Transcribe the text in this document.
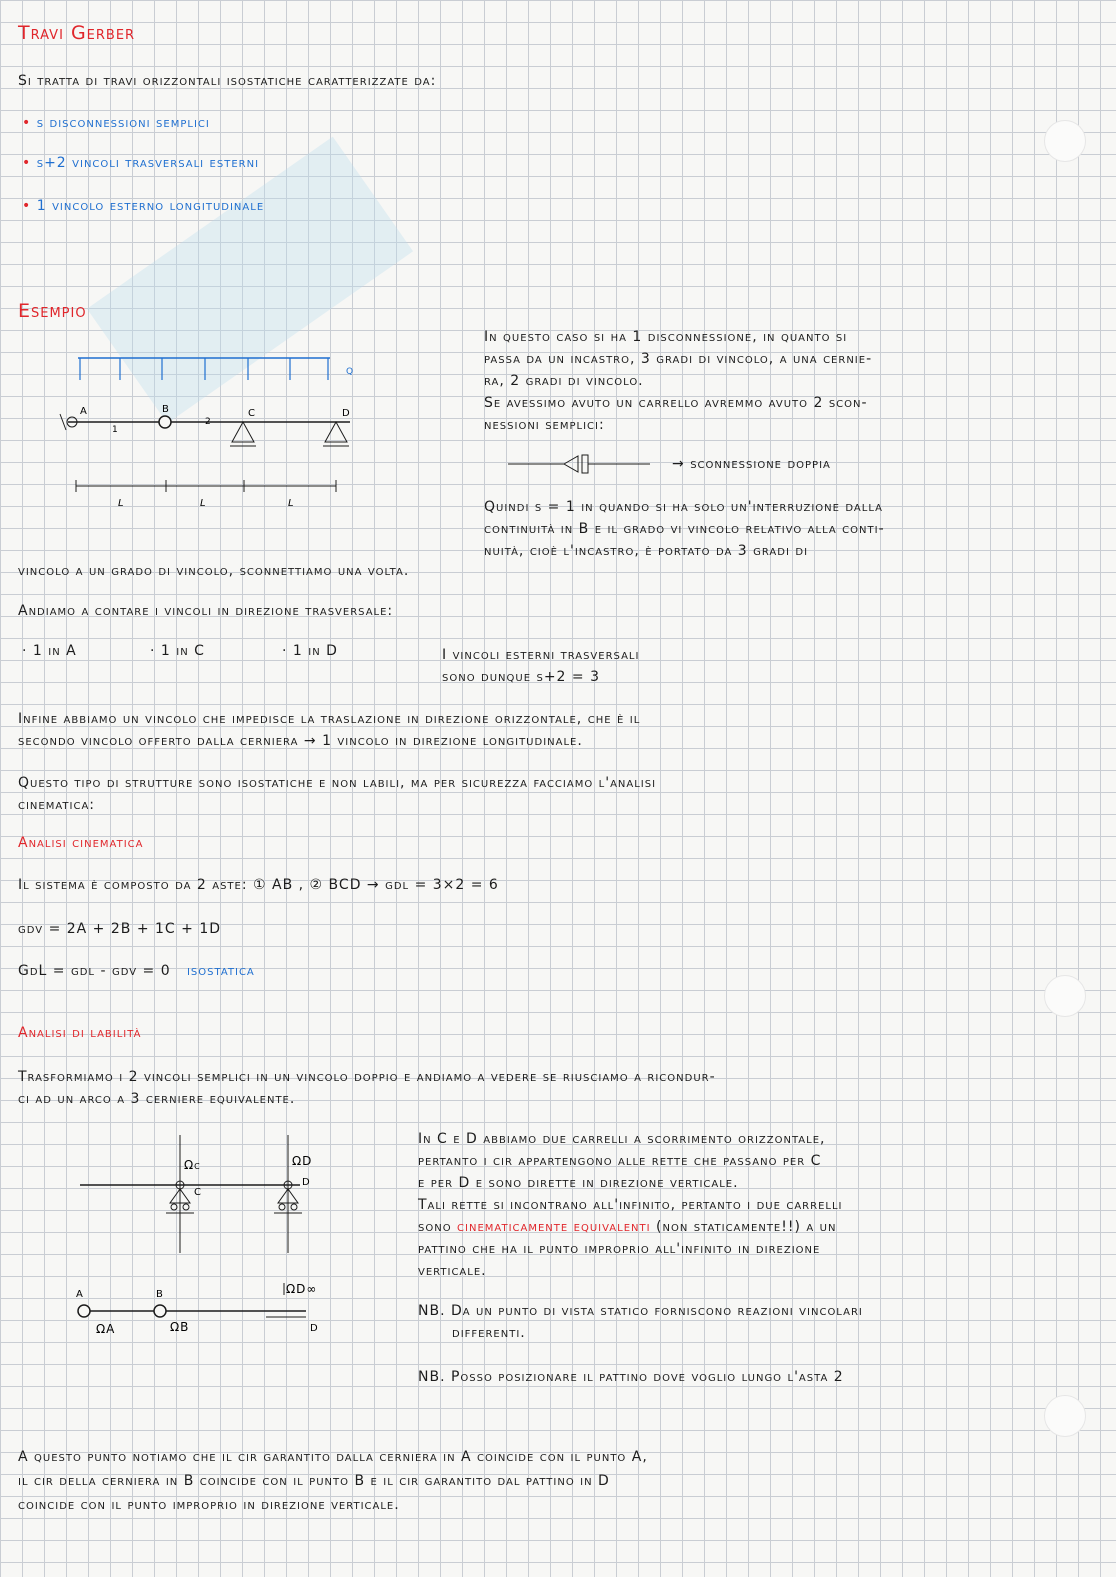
Travi Gerber
Si tratta di travi orizzontali isostatiche caratterizzate da:
• s disconnessioni semplici
• s+2 vincoli trasversali esterni
• 1 vincolo esterno longitudinale
Esempio
q
A	B	C	D
1
2
l	l	l
In questo caso si ha 1 disconnessione, in quanto si
passa da un incastro, 3 gradi di vincolo, a una cernie-
ra, 2 gradi di vincolo.
Se avessimo avuto un carrello avremmo avuto 2 scon-
nessioni semplici:
→ sconnessione doppia
Quindi s = 1 in quando si ha solo un'interruzione dalla
continuità in B e il grado vi vincolo relativo alla conti-
nuità, cioè l'incastro, è portato da 3 gradi di
vincolo a un grado di vincolo, sconnettiamo una volta.
Andiamo a contare i vincoli in direzione trasversale:
· 1 in A	· 1 in C	· 1 in D	I vincoli esterni trasversali
sono dunque s+2 = 3
Infine abbiamo un vincolo che impedisce la traslazione in direzione orizzontale, che è il
secondo vincolo offerto dalla cerniera → 1 vincolo in direzione longitudinale.
Questo tipo di strutture sono isostatiche e non labili, ma per sicurezza facciamo l'analisi
cinematica:
Analisi cinematica
Il sistema è composto da 2 aste: ① AB , ② BCD → gdl = 3×2 = 6
gdv = 2A + 2B + 1C + 1D
GdL = gdl - gdv = 0 isostatica
Analisi di labilità
Trasformiamo i 2 vincoli semplici in un vincolo doppio e andiamo a vedere se riusciamo a ricondur-
ci ad un arco a 3 cerniere equivalente.
Ωc	ΩD
C
D
ΩD∞
A	B
D
ΩA	ΩB
In C e D abbiamo due carrelli a scorrimento orizzontale,
pertanto i cir appartengono alle rette che passano per C
e per D e sono dirette in direzione verticale.
Tali rette si incontrano all'infinito, pertanto i due carrelli
sono cinematicamente equivalenti (non staticamente!!) a un
pattino che ha il punto improprio all'infinito in direzione
verticale.
NB. Da un punto di vista statico forniscono reazioni vincolari
differenti.
NB. Posso posizionare il pattino dove voglio lungo l'asta 2
A questo punto notiamo che il cir garantito dalla cerniera in A coincide con il punto A,
il cir della cerniera in B coincide con il punto B e il cir garantito dal pattino in D
coincide con il punto improprio in direzione verticale.
